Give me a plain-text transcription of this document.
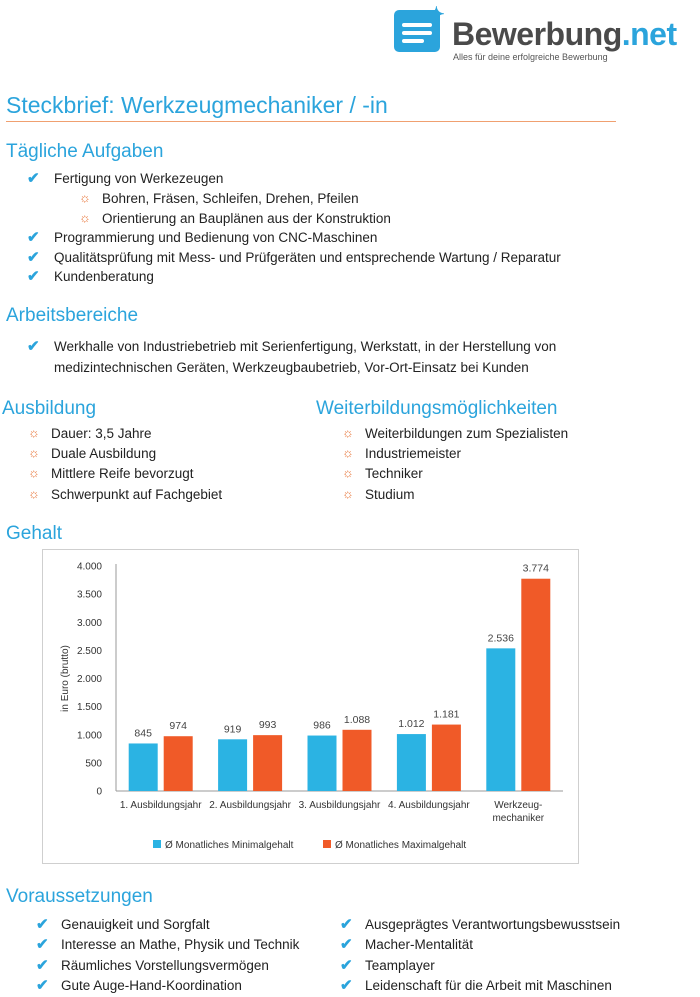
✦
Bewerbung.net
Alles für deine erfolgreiche Bewerbung
Steckbrief: Werkzeugmechaniker / -in
Tägliche Aufgaben
✔ Fertigung von Werkezeugen
☼ Bohren, Fräsen, Schleifen, Drehen, Pfeilen
☼ Orientierung an Bauplänen aus der Konstruktion
✔ Programmierung und Bedienung von CNC-Maschinen
✔ Qualitätsprüfung mit Mess- und Prüfgeräten und entsprechende Wartung / Reparatur
✔ Kundenberatung
Arbeitsbereiche
✔ Werkhalle von Industriebetrieb mit Serienfertigung, Werkstatt, in der Herstellung von
medizintechnischen Geräten, Werkzeugbaubetrieb, Vor-Ort-Einsatz bei Kunden
Ausbildung
☼ Dauer: 3,5 Jahre
☼ Duale Ausbildung
☼ Mittlere Reife bevorzugt
☼ Schwerpunkt auf Fachgebiet
Weiterbildungsmöglichkeiten
☼ Weiterbildungen zum Spezialisten
☼ Industriemeister
☼ Techniker
☼ Studium
Gehalt
0
500
1.000
1.500
2.000
2.500
3.000
3.500
4.000
in Euro (brutto)
845
974
1. Ausbildungsjahr
919 993
2. Ausbildungsjahr
986 1.088
3. Ausbildungsjahr
1.012
1.181
4. Ausbildungsjahr
2.536
3.774
Werkzeug-
mechaniker
Ø Monatliches Minimalgehalt	Ø Monatliches Maximalgehalt
Voraussetzungen
✔ Genauigkeit und Sorgfalt
✔ Interesse an Mathe, Physik und Technik
✔ Räumliches Vorstellungsvermögen
✔ Gute Auge-Hand-Koordination
✔ Ausgeprägtes Verantwortungsbewusstsein
✔ Macher-Mentalität
✔ Teamplayer
✔ Leidenschaft für die Arbeit mit Maschinen
